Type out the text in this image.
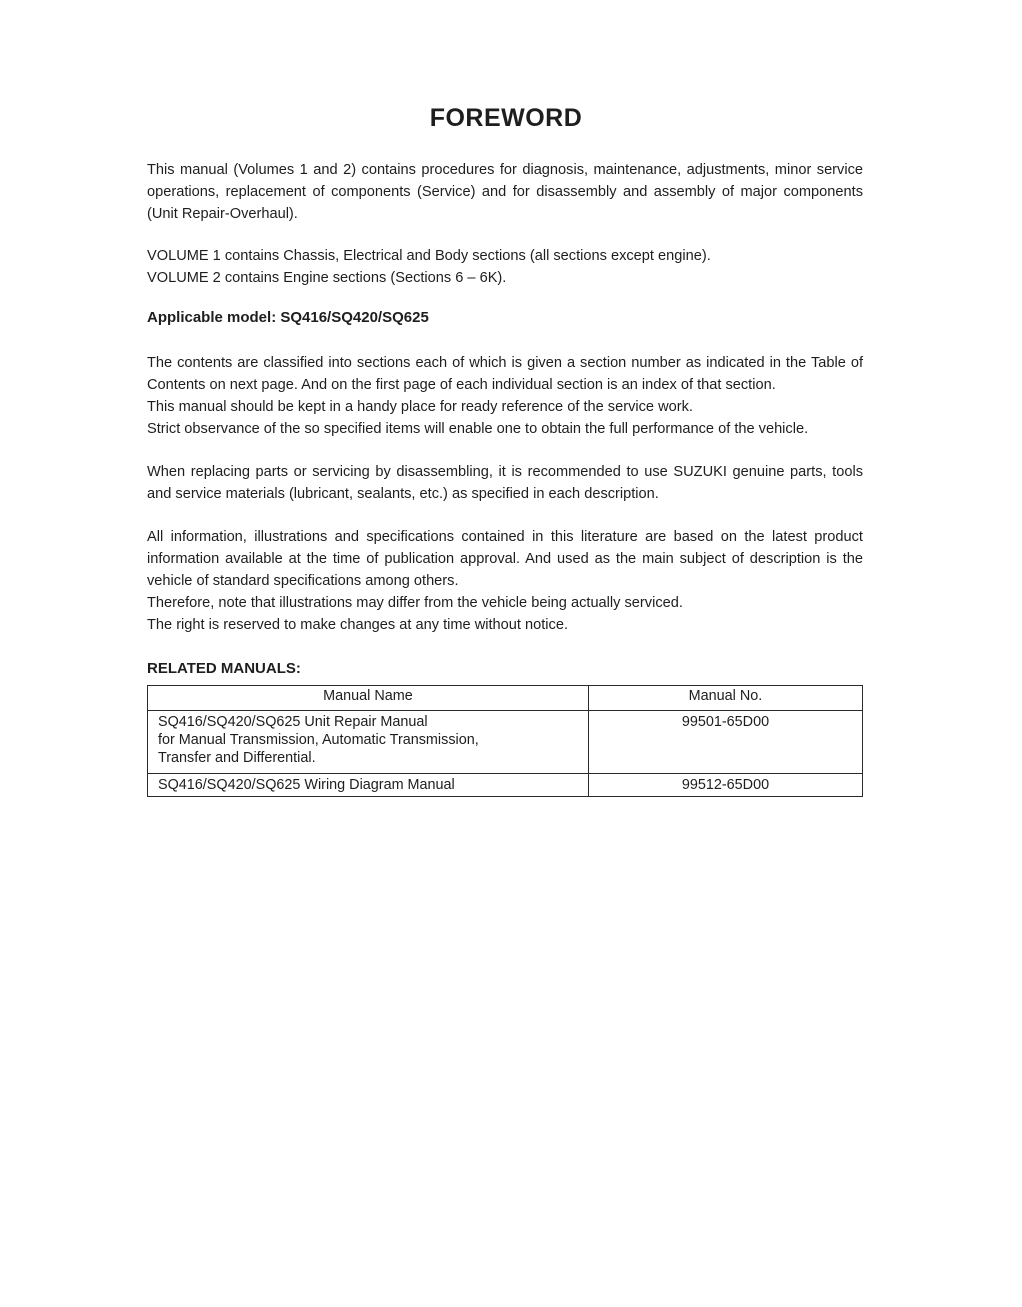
FOREWORD

This manual (Volumes 1 and 2) contains procedures for diagnosis, maintenance, adjustments, minor service operations, replacement of components (Service) and for disassembly and assembly of major components (Unit Repair-Overhaul).

VOLUME 1 contains Chassis, Electrical and Body sections (all sections except engine).

VOLUME 2 contains Engine sections (Sections 6 – 6K).

Applicable model: SQ416/SQ420/SQ625

The contents are classified into sections each of which is given a section number as indicated in the Table of Contents on next page. And on the first page of each individual section is an index of that section.

This manual should be kept in a handy place for ready reference of the service work.

Strict observance of the so specified items will enable one to obtain the full performance of the vehicle.

When replacing parts or servicing by disassembling, it is recommended to use SUZUKI genuine parts, tools and service materials (lubricant, sealants, etc.) as specified in each description.

All information, illustrations and specifications contained in this literature are based on the latest product information available at the time of publication approval. And used as the main subject of description is the vehicle of standard specifications among others.

Therefore, note that illustrations may differ from the vehicle being actually serviced.

The right is reserved to make changes at any time without notice.

RELATED MANUALS:
Manual Name	Manual No.

SQ416/SQ420/SQ625 Unit Repair Manual
for Manual Transmission, Automatic Transmission,
Transfer and Differential.	99501-65D00

SQ416/SQ420/SQ625 Wiring Diagram Manual	99512-65D00
